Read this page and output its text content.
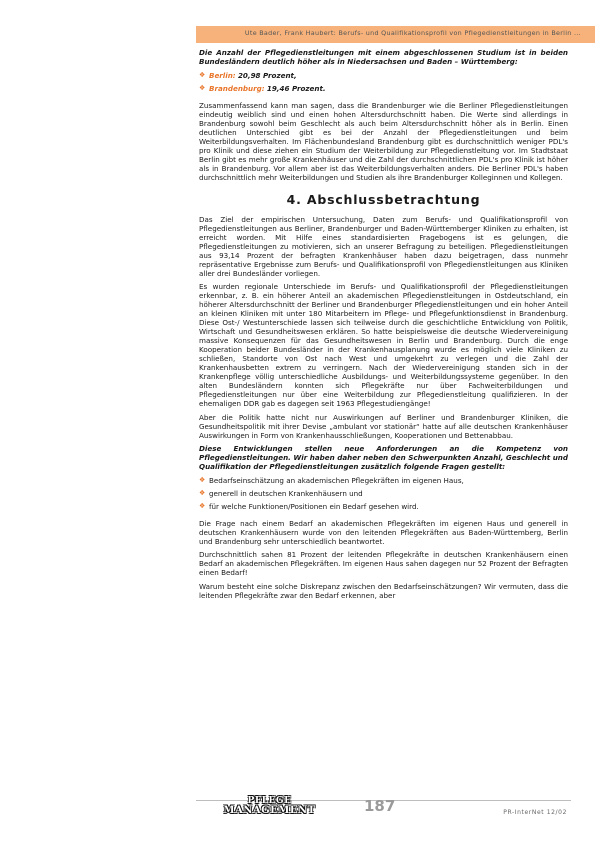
Ute Bader, Frank Haubert: Berufs- und Qualifikationsprofil von Pflegedienstleitungen in Berlin ...

Die Anzahl der Pflegedienstleitungen mit einem abgeschlossenen Studium ist in beiden Bundesländern deutlich höher als in Niedersachsen und Baden – Württemberg:

❖ Berlin: 20,98 Prozent,
❖ Brandenburg: 19,46 Prozent.

Zusammenfassend kann man sagen, dass die Brandenburger wie die Berliner Pflegedienstleitungen eindeutig weiblich sind und einen hohen Altersdurchschnitt haben. Die Werte sind allerdings in Brandenburg sowohl beim Geschlecht als auch beim Altersdurchschnitt höher als in Berlin. Einen deutlichen Unterschied gibt es bei der Anzahl der Pflegedienstleitungen und beim Weiterbildungsverhalten. Im Flächenbundesland Brandenburg gibt es durchschnittlich weniger PDL's pro Klinik und diese ziehen ein Studium der Weiterbildung zur Pflegedienstleitung vor. Im Stadtstaat Berlin gibt es mehr große Krankenhäuser und die Zahl der durchschnittlichen PDL's pro Klinik ist höher als in Brandenburg. Vor allem aber ist das Weiterbildungsverhalten anders. Die Berliner PDL's haben durchschnittlich mehr Weiterbildungen und Studien als ihre Brandenburger Kolleginnen und Kollegen.

4. Abschlussbetrachtung

Das Ziel der empirischen Untersuchung, Daten zum Berufs- und Qualifikationsprofil von Pflegedienstleitungen aus Berliner, Brandenburger und Baden-Württemberger Kliniken zu erhalten, ist erreicht worden. Mit Hilfe eines standardisierten Fragebogens ist es gelungen, die Pflegedienstleitungen zu motivieren, sich an unserer Befragung zu beteiligen. Pflegedienstleitungen aus 93,14 Prozent der befragten Krankenhäuser haben dazu beigetragen, dass nunmehr repräsentative Ergebnisse zum Berufs- und Qualifikationsprofil von Pflegedienstleitungen aus Kliniken aller drei Bundesländer vorliegen.

Es wurden regionale Unterschiede im Berufs- und Qualifikationsprofil der Pflegedienstleitungen erkennbar, z. B. ein höherer Anteil an akademischen Pflegedienstleitungen in Ostdeutschland, ein höherer Altersdurchschnitt der Berliner und Brandenburger Pflegedienstleitungen und ein hoher Anteil an kleinen Kliniken mit unter 180 Mitarbeitern im Pflege- und Pflegefunktionsdienst in Brandenburg. Diese Ost-/ Westunterschiede lassen sich teilweise durch die geschichtliche Entwicklung von Politik, Wirtschaft und Gesundheitswesen erklären. So hatte beispielsweise die deutsche Wiedervereinigung massive Konsequenzen für das Gesundheitswesen in Berlin und Brandenburg. Durch die enge Kooperation beider Bundesländer in der Krankenhausplanung wurde es möglich viele Kliniken zu schließen, Standorte von Ost nach West und umgekehrt zu verlegen und die Zahl der Krankenhausbetten extrem zu verringern. Nach der Wiedervereinigung standen sich in der Krankenpflege völlig unterschiedliche Ausbildungs- und Weiterbildungssysteme gegenüber. In den alten Bundesländern konnten sich Pflegekräfte nur über Fachweiterbildungen und Pflegedienstleitungen nur über eine Weiterbildung zur Pflegedienstleitung qualifizieren. In der ehemaligen DDR gab es dagegen seit 1963 Pflegestudiengänge!

Aber die Politik hatte nicht nur Auswirkungen auf Berliner und Brandenburger Kliniken, die Gesundheitspolitik mit ihrer Devise „ambulant vor stationär“ hatte auf alle deutschen Krankenhäuser Auswirkungen in Form von Krankenhausschließungen, Kooperationen und Bettenabbau.

Diese Entwicklungen stellen neue Anforderungen an die Kompetenz von Pflegedienstleitungen. Wir haben daher neben den Schwerpunkten Anzahl, Geschlecht und Qualifikation der Pflegedienstleitungen zusätzlich folgende Fragen gestellt:

❖ Bedarfseinschätzung an akademischen Pflegekräften im eigenen Haus,
❖ generell in deutschen Krankenhäusern und
❖ für welche Funktionen/Positionen ein Bedarf gesehen wird.

Die Frage nach einem Bedarf an akademischen Pflegekräften im eigenen Haus und generell in deutschen Krankenhäusern wurde von den leitenden Pflegekräften aus Baden-Württemberg, Berlin und Brandenburg sehr unterschiedlich beantwortet.

Durchschnittlich sahen 81 Prozent der leitenden Pflegekräfte in deutschen Krankenhäusern einen Bedarf an akademischen Pflegekräften. Im eigenen Haus sahen dagegen nur 52 Prozent der Befragten einen Bedarf!

Warum besteht eine solche Diskrepanz zwischen den Bedarfseinschätzungen? Wir vermuten, dass die leitenden Pflegekräfte zwar den Bedarf erkennen, aber

PFLEGE
MANAGEMENT	187	PR-InterNet 12/02
